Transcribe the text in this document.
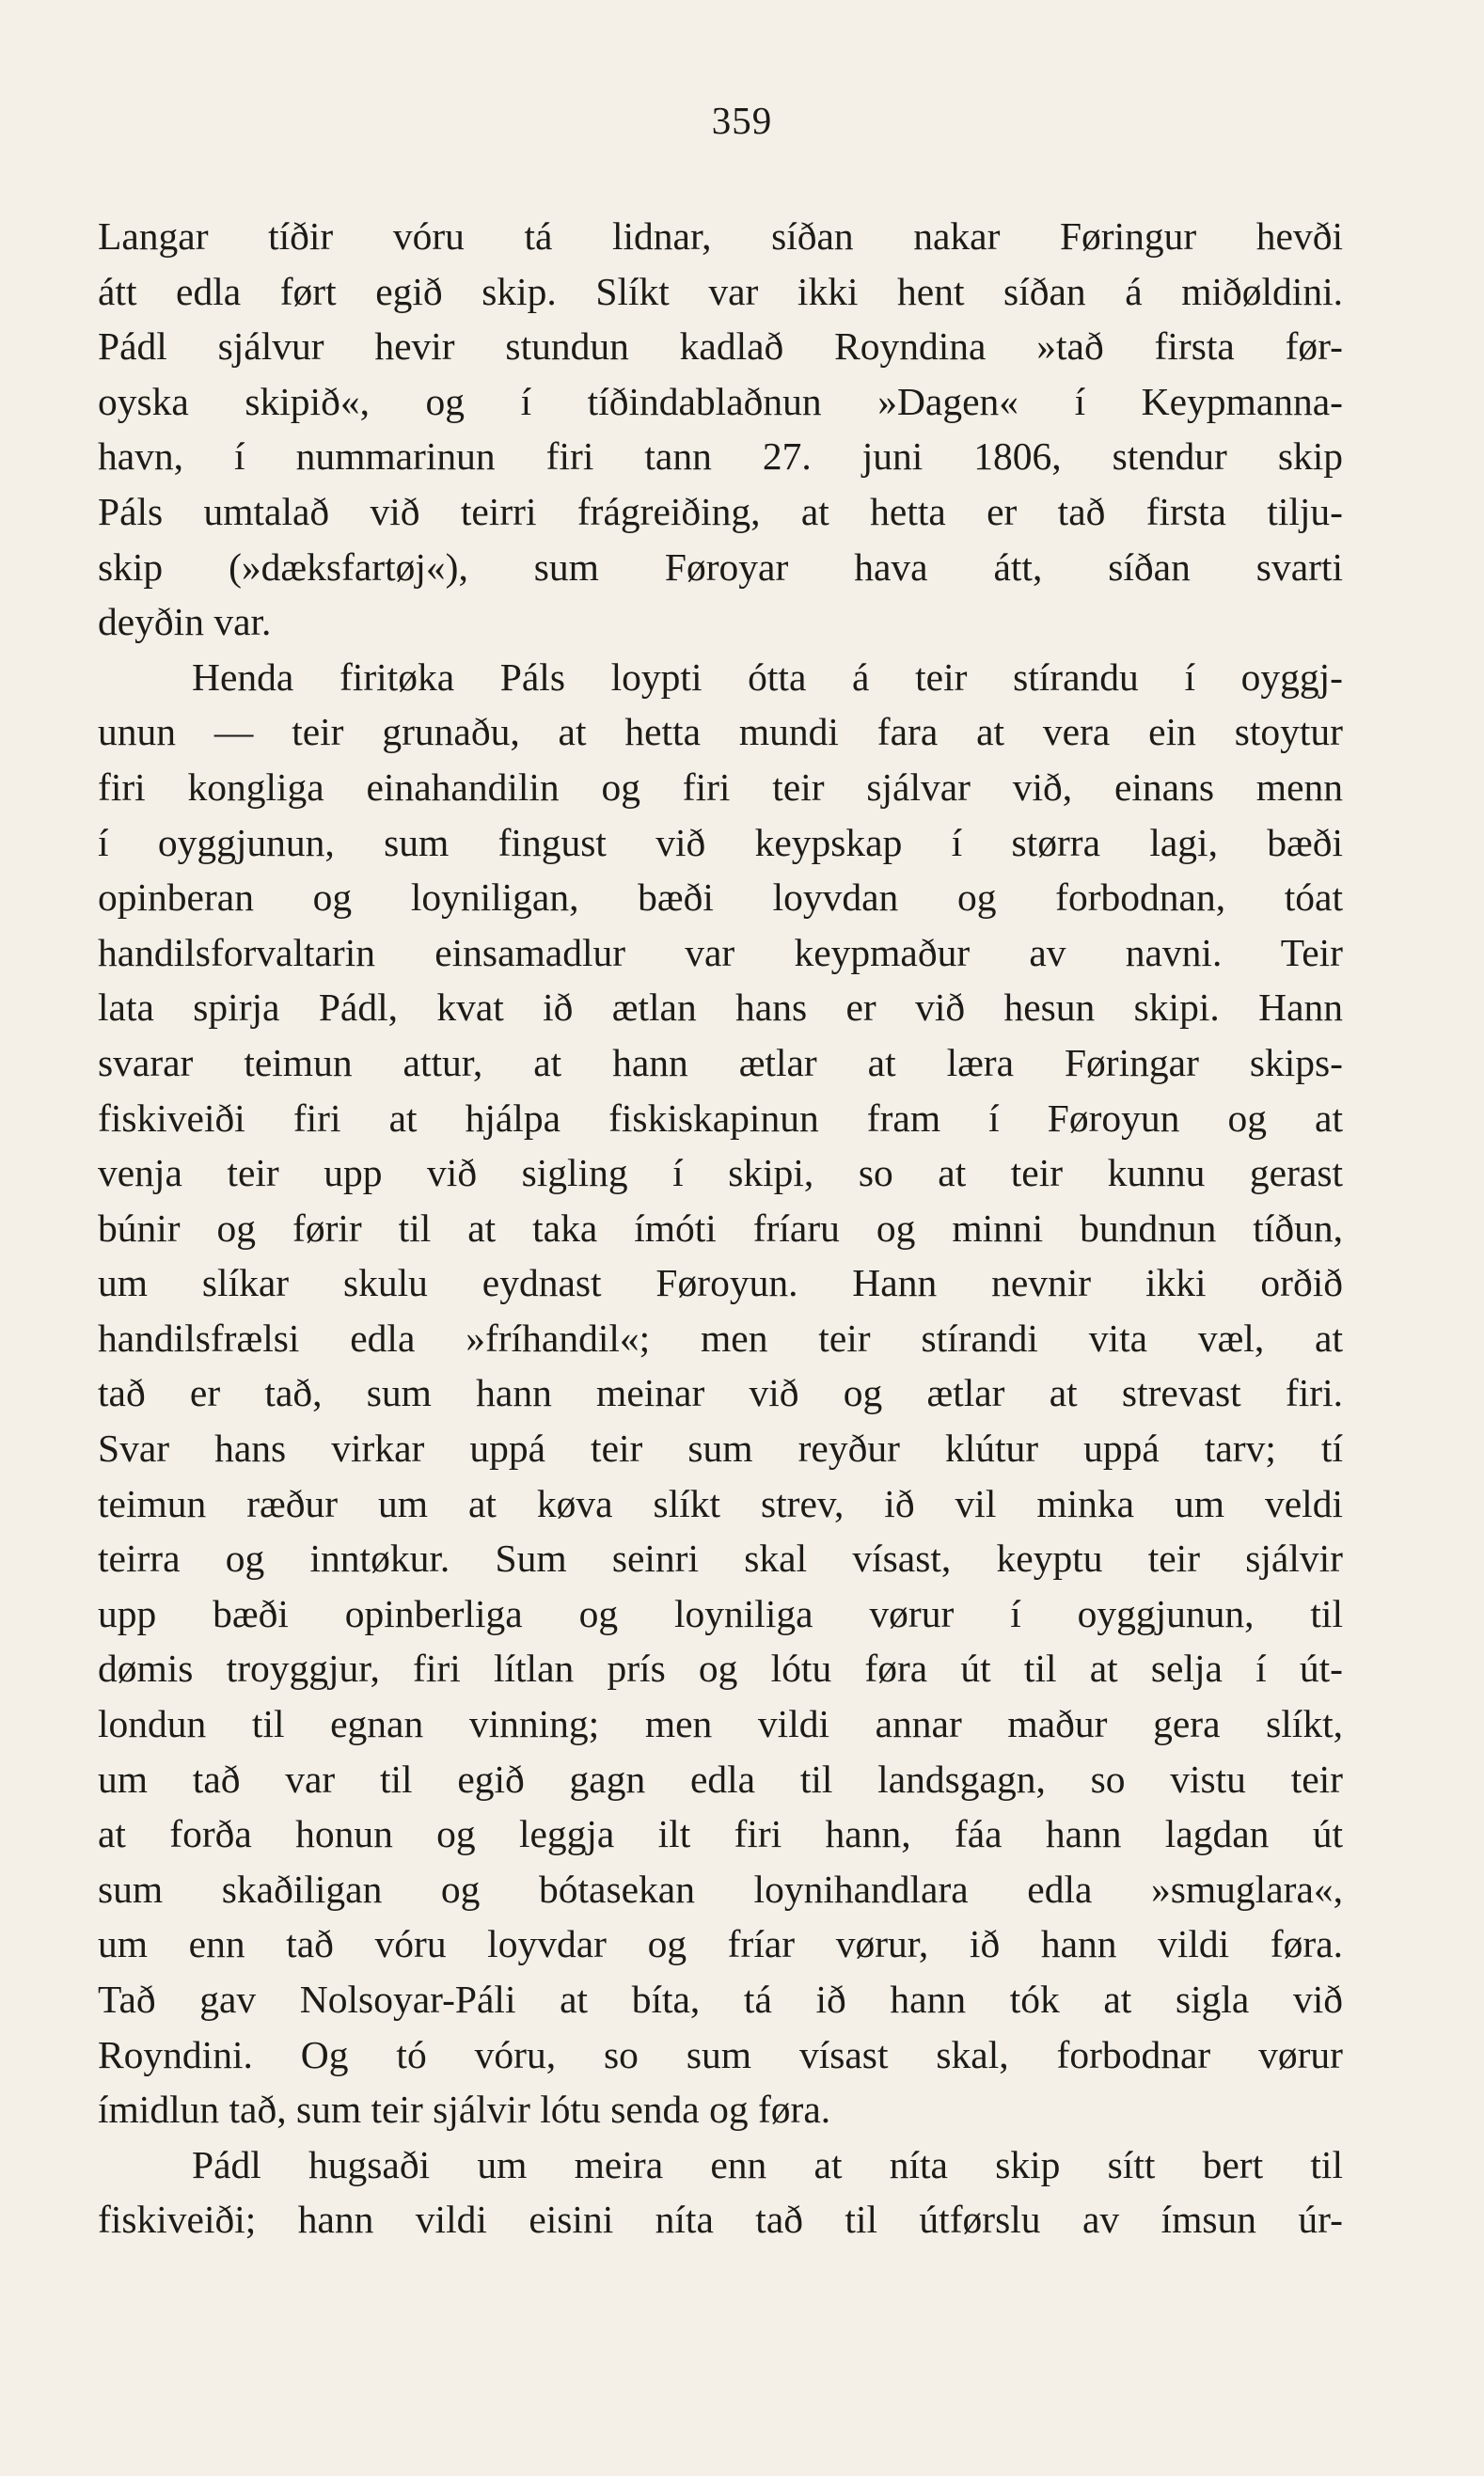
359
Langar tíðir vóru tá lidnar, síðan nakar Føringur hevði
átt edla ført egið skip. Slíkt var ikki hent síðan á miðøldini.
Pádl sjálvur hevir stundun kadlað Royndina »tað firsta før-
oyska skipið«, og í tíðindablaðnun »Dagen« í Keypmanna-
havn, í nummarinun firi tann 27. juni 1806, stendur skip
Páls umtalað við teirri frágreiðing, at hetta er tað firsta tilju-
skip (»dæksfartøj«), sum Føroyar hava átt, síðan svarti
deyðin var.
Henda firitøka Páls loypti ótta á teir stírandu í oyggj-
unun — teir grunaðu, at hetta mundi fara at vera ein stoytur
firi kongliga einahandilin og firi teir sjálvar við, einans menn
í oyggjunun, sum fingust við keypskap í størra lagi, bæði
opinberan og loyniligan, bæði loyvdan og forbodnan, tóat
handilsforvaltarin einsamadlur var keypmaður av navni. Teir
lata spirja Pádl, kvat ið ætlan hans er við hesun skipi. Hann
svarar teimun attur, at hann ætlar at læra Føringar skips-
fiskiveiði firi at hjálpa fiskiskapinun fram í Føroyun og at
venja teir upp við sigling í skipi, so at teir kunnu gerast
búnir og førir til at taka ímóti fríaru og minni bundnun tíðun,
um slíkar skulu eydnast Føroyun. Hann nevnir ikki orðið
handilsfrælsi edla »fríhandil«; men teir stírandi vita væl, at
tað er tað, sum hann meinar við og ætlar at strevast firi.
Svar hans virkar uppá teir sum reyður klútur uppá tarv; tí
teimun ræður um at køva slíkt strev, ið vil minka um veldi
teirra og inntøkur. Sum seinri skal vísast, keyptu teir sjálvir
upp bæði opinberliga og loyniliga vørur í oyggjunun, til
dømis troyggjur, firi lítlan prís og lótu føra út til at selja í út-
londun til egnan vinning; men vildi annar maður gera slíkt,
um tað var til egið gagn edla til landsgagn, so vistu teir
at forða honun og leggja ilt firi hann, fáa hann lagdan út
sum skaðiligan og bótasekan loynihandlara edla »smuglara«,
um enn tað vóru loyvdar og fríar vørur, ið hann vildi føra.
Tað gav Nolsoyar-Páli at bíta, tá ið hann tók at sigla við
Royndini. Og tó vóru, so sum vísast skal, forbodnar vørur
ímidlun tað, sum teir sjálvir lótu senda og føra.
Pádl hugsaði um meira enn at níta skip sítt bert til
fiskiveiði; hann vildi eisini níta tað til útførslu av ímsun úr-
